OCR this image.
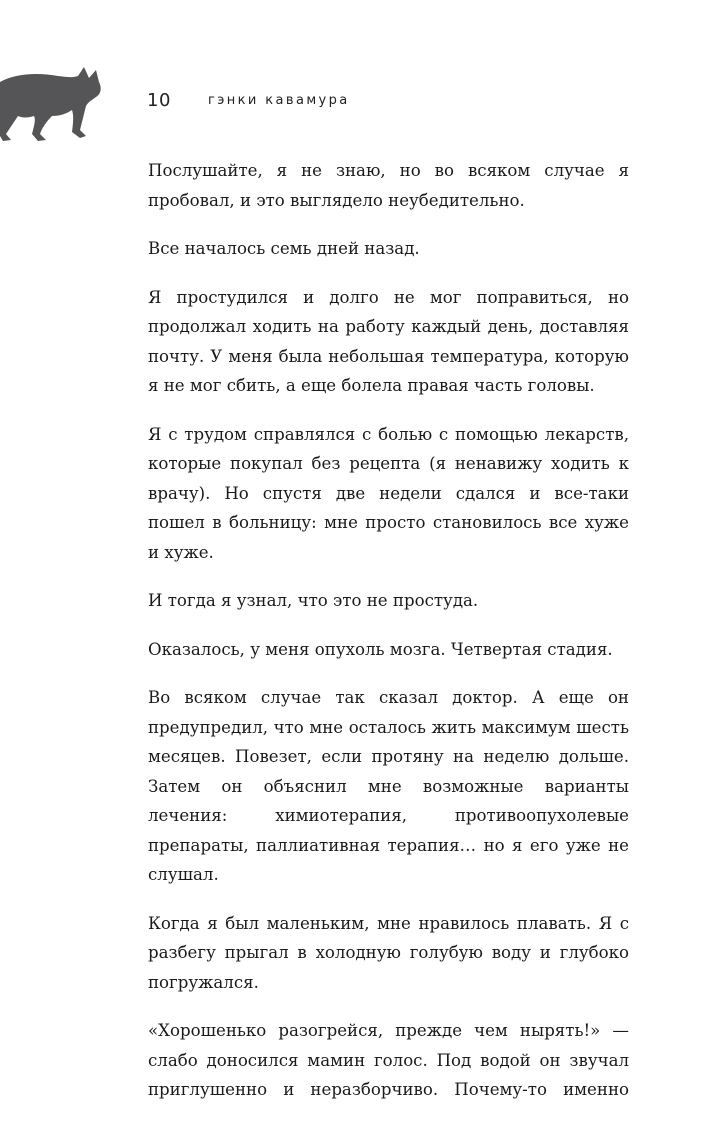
10	гэнки кавамура

Послушайте, я не знаю, но во всяком случае я пробовал, и это выглядело неубедительно.

Все началось семь дней назад.

Я простудился и долго не мог поправиться, но продолжал ходить на работу каждый день, доставляя почту. У меня была небольшая температура, которую я не мог сбить, а еще болела правая часть головы.

Я с трудом справлялся с болью с помощью лекарств, которые покупал без рецепта (я ненавижу ходить к врачу). Но спустя две недели сдался и все-таки пошел в больницу: мне просто становилось все хуже и хуже.

И тогда я узнал, что это не простуда.

Оказалось, у меня опухоль мозга. Четвертая стадия.

Во всяком случае так сказал доктор. А еще он предупредил, что мне осталось жить максимум шесть месяцев. Повезет, если протяну на неделю дольше. Затем он объяснил мне возможные варианты лечения: химиотерапия, противоопухолевые препараты, паллиативная терапия… но я его уже не слушал.

Когда я был маленьким, мне нравилось плавать. Я с разбегу прыгал в холодную голубую воду и глубоко погружался.

«Хорошенько разогрейся, прежде чем нырять!» — слабо доносился мамин голос. Под водой он звучал приглушенно и неразборчиво. Почему-то именно
